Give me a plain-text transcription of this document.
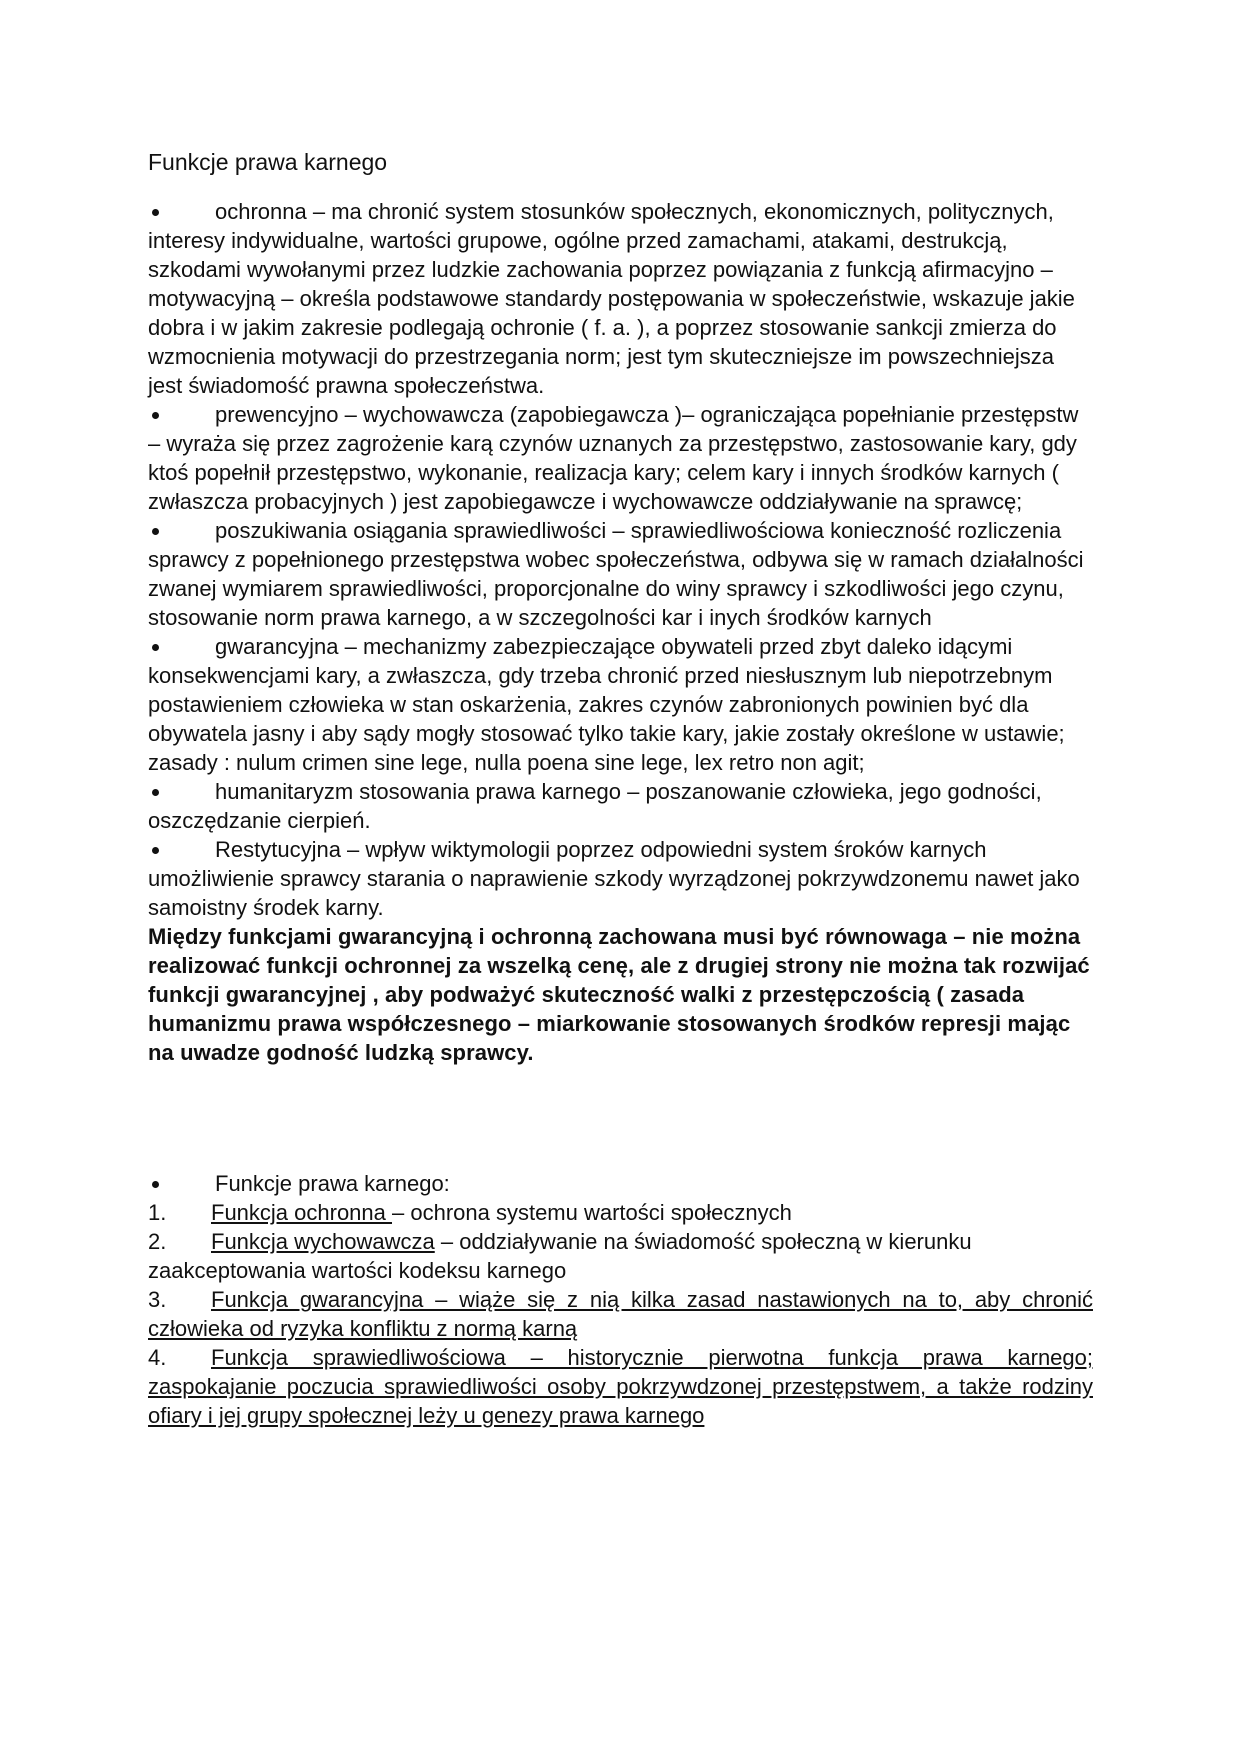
Funkcje prawa karnego
ochronna – ma chronić system stosunków społecznych, ekonomicznych, politycznych, interesy indywidualne, wartości grupowe, ogólne przed zamachami, atakami, destrukcją, szkodami wywołanymi przez ludzkie zachowania poprzez powiązania z funkcją afirmacyjno – motywacyjną – określa podstawowe standardy postępowania w społeczeństwie, wskazuje jakie dobra i w jakim zakresie podlegają ochronie ( f. a. ), a poprzez stosowanie sankcji zmierza do wzmocnienia motywacji do przestrzegania norm; jest tym skuteczniejsze im powszechniejsza jest świadomość prawna społeczeństwa.
prewencyjno – wychowawcza (zapobiegawcza )– ograniczająca popełnianie przestępstw – wyraża się przez zagrożenie karą czynów uznanych za przestępstwo, zastosowanie kary, gdy ktoś popełnił przestępstwo, wykonanie, realizacja kary; celem kary i innych środków karnych ( zwłaszcza probacyjnych ) jest zapobiegawcze i wychowawcze oddziaływanie na sprawcę;
poszukiwania osiągania sprawiedliwości – sprawiedliwościowa konieczność rozliczenia sprawcy z popełnionego przestępstwa wobec społeczeństwa, odbywa się w ramach działalności zwanej wymiarem sprawiedliwości, proporcjonalne do winy sprawcy i szkodliwości jego czynu, stosowanie norm prawa karnego, a w szczegolności kar i inych środków karnych
gwarancyjna – mechanizmy zabezpieczające obywateli przed zbyt daleko idącymi konsekwencjami kary, a zwłaszcza, gdy trzeba chronić przed niesłusznym lub niepotrzebnym postawieniem człowieka w stan oskarżenia, zakres czynów zabronionych powinien być dla obywatela jasny i aby sądy mogły stosować tylko takie kary, jakie zostały określone w ustawie; zasady : nulum crimen sine lege, nulla poena sine lege, lex retro non agit;
humanitaryzm stosowania prawa karnego – poszanowanie człowieka, jego godności, oszczędzanie cierpień.
Restytucyjna – wpływ wiktymologii poprzez odpowiedni system śroków karnych umożliwienie sprawcy starania o naprawienie szkody wyrządzonej pokrzywdzonemu nawet jako samoistny środek karny.

Między funkcjami gwarancyjną i ochronną zachowana musi być równowaga – nie można realizować funkcji ochronnej za wszelką cenę, ale z drugiej strony nie można tak rozwijać funkcji gwarancyjnej , aby podważyć skuteczność walki z przestępczością ( zasada humanizmu prawa współczesnego – miarkowanie stosowanych środków represji mając na uwadze godność ludzką sprawcy.

Funkcje prawa karnego:

1. Funkcja ochronna – ochrona systemu wartości społecznych

2. Funkcja wychowawcza – oddziaływanie na świadomość społeczną w kierunku zaakceptowania wartości kodeksu karnego

3. Funkcja gwarancyjna – wiąże się z nią kilka zasad nastawionych na to, aby chronić człowieka od ryzyka konfliktu z normą karną

4. Funkcja sprawiedliwościowa – historycznie pierwotna funkcja prawa karnego; zaspokajanie poczucia sprawiedliwości osoby pokrzywdzonej przestępstwem, a także rodziny ofiary i jej grupy społecznej leży u genezy prawa karnego
